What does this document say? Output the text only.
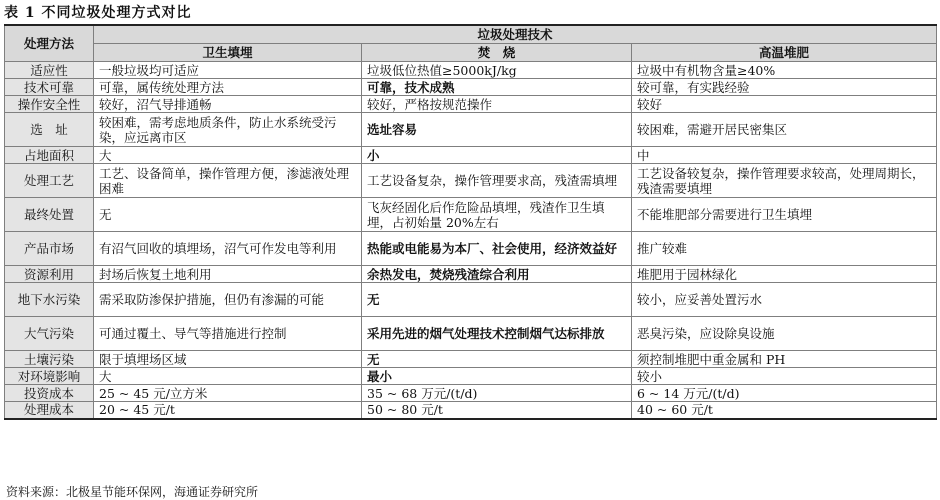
表 1 不同垃圾处理方式对比
处理方法	垃圾处理技术		
	卫生填埋	焚　烧	高温堆肥
适应性	一般垃圾均可适应	垃圾低位热值≥5000kJ/kg	垃圾中有机物含量≥40%
技术可靠	可靠，属传统处理方法	可靠，技术成熟	较可靠，有实践经验
操作安全性	较好，沼气导排通畅	较好，严格按规范操作	较好
选　址	较困难，需考虑地质条件，防止水系统受污染，应远离市区	选址容易	较困难，需避开居民密集区
占地面积	大	小	中
处理工艺	工艺、设备简单，操作管理方便，渗滤液处理困难	工艺设备复杂，操作管理要求高，残渣需填埋	工艺设备较复杂，操作管理要求较高，处理周期长，残渣需要填埋
最终处置	无	飞灰经固化后作危险品填埋，残渣作卫生填埋，占初始量 20%左右	不能堆肥部分需要进行卫生填埋
产品市场	有沼气回收的填埋场，沼气可作发电等利用	热能或电能易为本厂、社会使用，经济效益好	推广较难
资源利用	封场后恢复土地利用	余热发电，焚烧残渣综合利用	堆肥用于园林绿化
地下水污染	需采取防渗保护措施，但仍有渗漏的可能	无	较小，应妥善处置污水
大气污染	可通过覆土、导气等措施进行控制	采用先进的烟气处理技术控制烟气达标排放	恶臭污染，应设除臭设施
土壤污染	限于填埋场区域	无	须控制堆肥中重金属和 PH
对环境影响	大	最小	较小
投资成本	25 ~ 45 元/立方米	35 ~ 68 万元/(t/d)	6 ~ 14 万元/(t/d)
处理成本	20 ~ 45 元/t	50 ~ 80 元/t	40 ~ 60 元/t
资料来源：北极星节能环保网，海通证券研究所
